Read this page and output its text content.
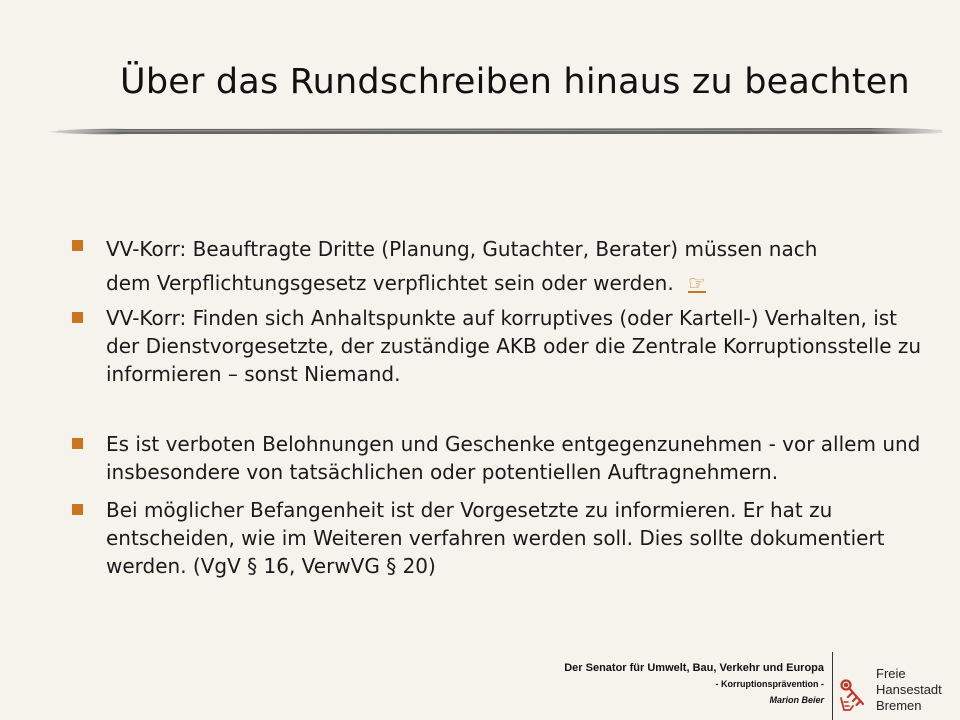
Über das Rundschreiben hinaus zu beachten
VV-Korr: Beauftragte Dritte (Planung, Gutachter, Berater) müssen nach
dem Verpflichtungsgesetz verpflichtet sein oder werden. ☞
VV-Korr: Finden sich Anhaltspunkte auf korruptives (oder Kartell-) Verhalten, ist der Dienstvorgesetzte, der zuständige AKB oder die Zentrale Korruptionsstelle zu informieren – sonst Niemand.
Es ist verboten Belohnungen und Geschenke entgegenzunehmen - vor allem und insbesondere von tatsächlichen oder potentiellen Auftragnehmern.
Bei möglicher Befangenheit ist der Vorgesetzte zu informieren. Er hat zu entscheiden, wie im Weiteren verfahren werden soll. Dies sollte dokumentiert werden. (VgV § 16, VerwVG § 20)
Der Senator für Umwelt, Bau, Verkehr und Europa
- Korruptionsprävention -
Marion Beier
Freie
Hansestadt
Bremen
